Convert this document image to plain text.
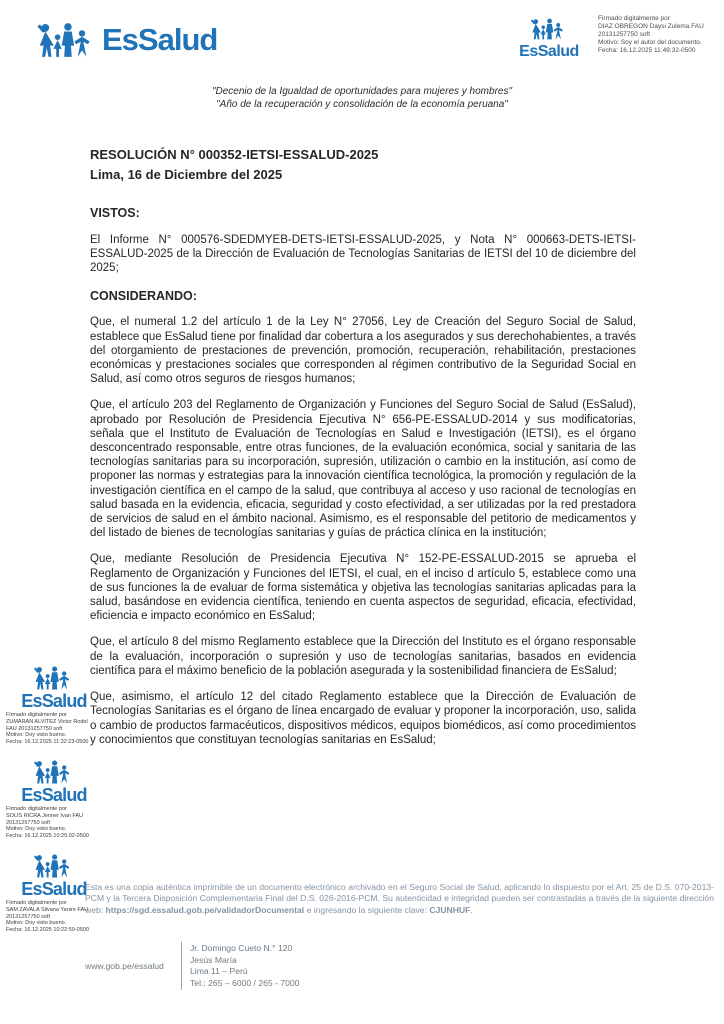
EsSalud	EsSalud
Firmado digitalmente por
DIAZ OBREGON Daysi Zulema FAU
20131257750 soft
Motivo: Soy el autor del documento.
Fecha: 16.12.2025 11:49:32-0500
"Decenio de la Igualdad de oportunidades para mujeres y hombres"
"Año de la recuperación y consolidación de la economía peruana"
RESOLUCIÓN N° 000352-IETSI-ESSALUD-2025
Lima, 16 de Diciembre del 2025
VISTOS:

El Informe N° 000576-SDEDMYEB-DETS-IETSI-ESSALUD-2025, y Nota N° 000663-DETS-IETSI-ESSALUD-2025 de la Dirección de Evaluación de Tecnologías Sanitarias de IETSI del 10 de diciembre del 2025;

CONSIDERANDO:

Que, el numeral 1.2 del artículo 1 de la Ley N° 27056, Ley de Creación del Seguro Social de Salud, establece que EsSalud tiene por finalidad dar cobertura a los asegurados y sus derechohabientes, a través del otorgamiento de prestaciones de prevención, promoción, recuperación, rehabilitación, prestaciones económicas y prestaciones sociales que corresponden al régimen contributivo de la Seguridad Social en Salud, así como otros seguros de riesgos humanos;

Que, el artículo 203 del Reglamento de Organización y Funciones del Seguro Social de Salud (EsSalud), aprobado por Resolución de Presidencia Ejecutiva N° 656-PE-ESSALUD-2014 y sus modificatorias, señala que el Instituto de Evaluación de Tecnologías en Salud e Investigación (IETSI), es el órgano desconcentrado responsable, entre otras funciones, de la evaluación económica, social y sanitaria de las tecnologías sanitarias para su incorporación, supresión, utilización o cambio en la institución, así como de proponer las normas y estrategias para la innovación científica tecnológica, la promoción y regulación de la investigación científica en el campo de la salud, que contribuya al acceso y uso racional de tecnologías en salud basada en la evidencia, eficacia, seguridad y costo efectividad, a ser utilizadas por la red prestadora de servicios de salud en el ámbito nacional. Asimismo, es el responsable del petitorio de medicamentos y del listado de bienes de tecnologías sanitarias y guías de práctica clínica en la institución;

Que, mediante Resolución de Presidencia Ejecutiva N° 152-PE-ESSALUD-2015 se aprueba el Reglamento de Organización y Funciones del IETSI, el cual, en el inciso d artículo 5, establece como una de sus funciones la de evaluar de forma sistemática y objetiva las tecnologías sanitarias aplicadas para la salud, basándose en evidencia científica, teniendo en cuenta aspectos de seguridad, eficacia, efectividad, eficiencia e impacto económico en EsSalud;

Que, el artículo 8 del mismo Reglamento establece que la Dirección del Instituto es el órgano responsable de la evaluación, incorporación o supresión y uso de tecnologías sanitarias, basados en evidencia científica para el máximo beneficio de la población asegurada y la sostenibilidad financiera de EsSalud;

Que, asimismo, el artículo 12 del citado Reglamento establece que la Dirección de Evaluación de Tecnologías Sanitarias es el órgano de línea encargado de evaluar y proponer la incorporación, uso, salida o cambio de productos farmacéuticos, dispositivos médicos, equipos biomédicos, así como procedimientos y conocimientos que constituyan tecnologías sanitarias en EsSalud;

EsSalud
Firmado digitalmente por
ZUMARAN ALVITEZ Victor Rodol
FAU 20131257750 soft
Motivo: Doy visto bueno.
Fecha: 16.12.2025 11:32:23-0500
EsSalud
Firmado digitalmente por
SOLIS RICRA Jenner Ivan FAU
20131257750 soft
Motivo: Doy visto bueno.
Fecha: 16.12.2025 10:25:02-0500
EsSalud
Firmado digitalmente por
SAM ZAVALA Silvana Yanire FAU
20131257750 soft
Motivo: Doy visto bueno.
Fecha: 16.12.2025 10:22:59-0500
Esta es una copia auténtica imprimible de un documento electrónico archivado en el Seguro Social de Salud, aplicando lo dispuesto por el Art. 25 de D.S. 070-2013-PCM y la Tercera Disposición Complementaria Final del D.S. 026-2016-PCM. Su autenticidad e integridad pueden ser contrastadas a través de la siguiente dirección web: https://sgd.essalud.gob.pe/validadorDocumental e ingresando la siguiente clave: CJUNHUF.
www.gob.pe/essalud
Jr. Domingo Cueto N.° 120
Jesús María
Lima 11 – Perú
Tel.: 265 – 6000 / 265 - 7000
